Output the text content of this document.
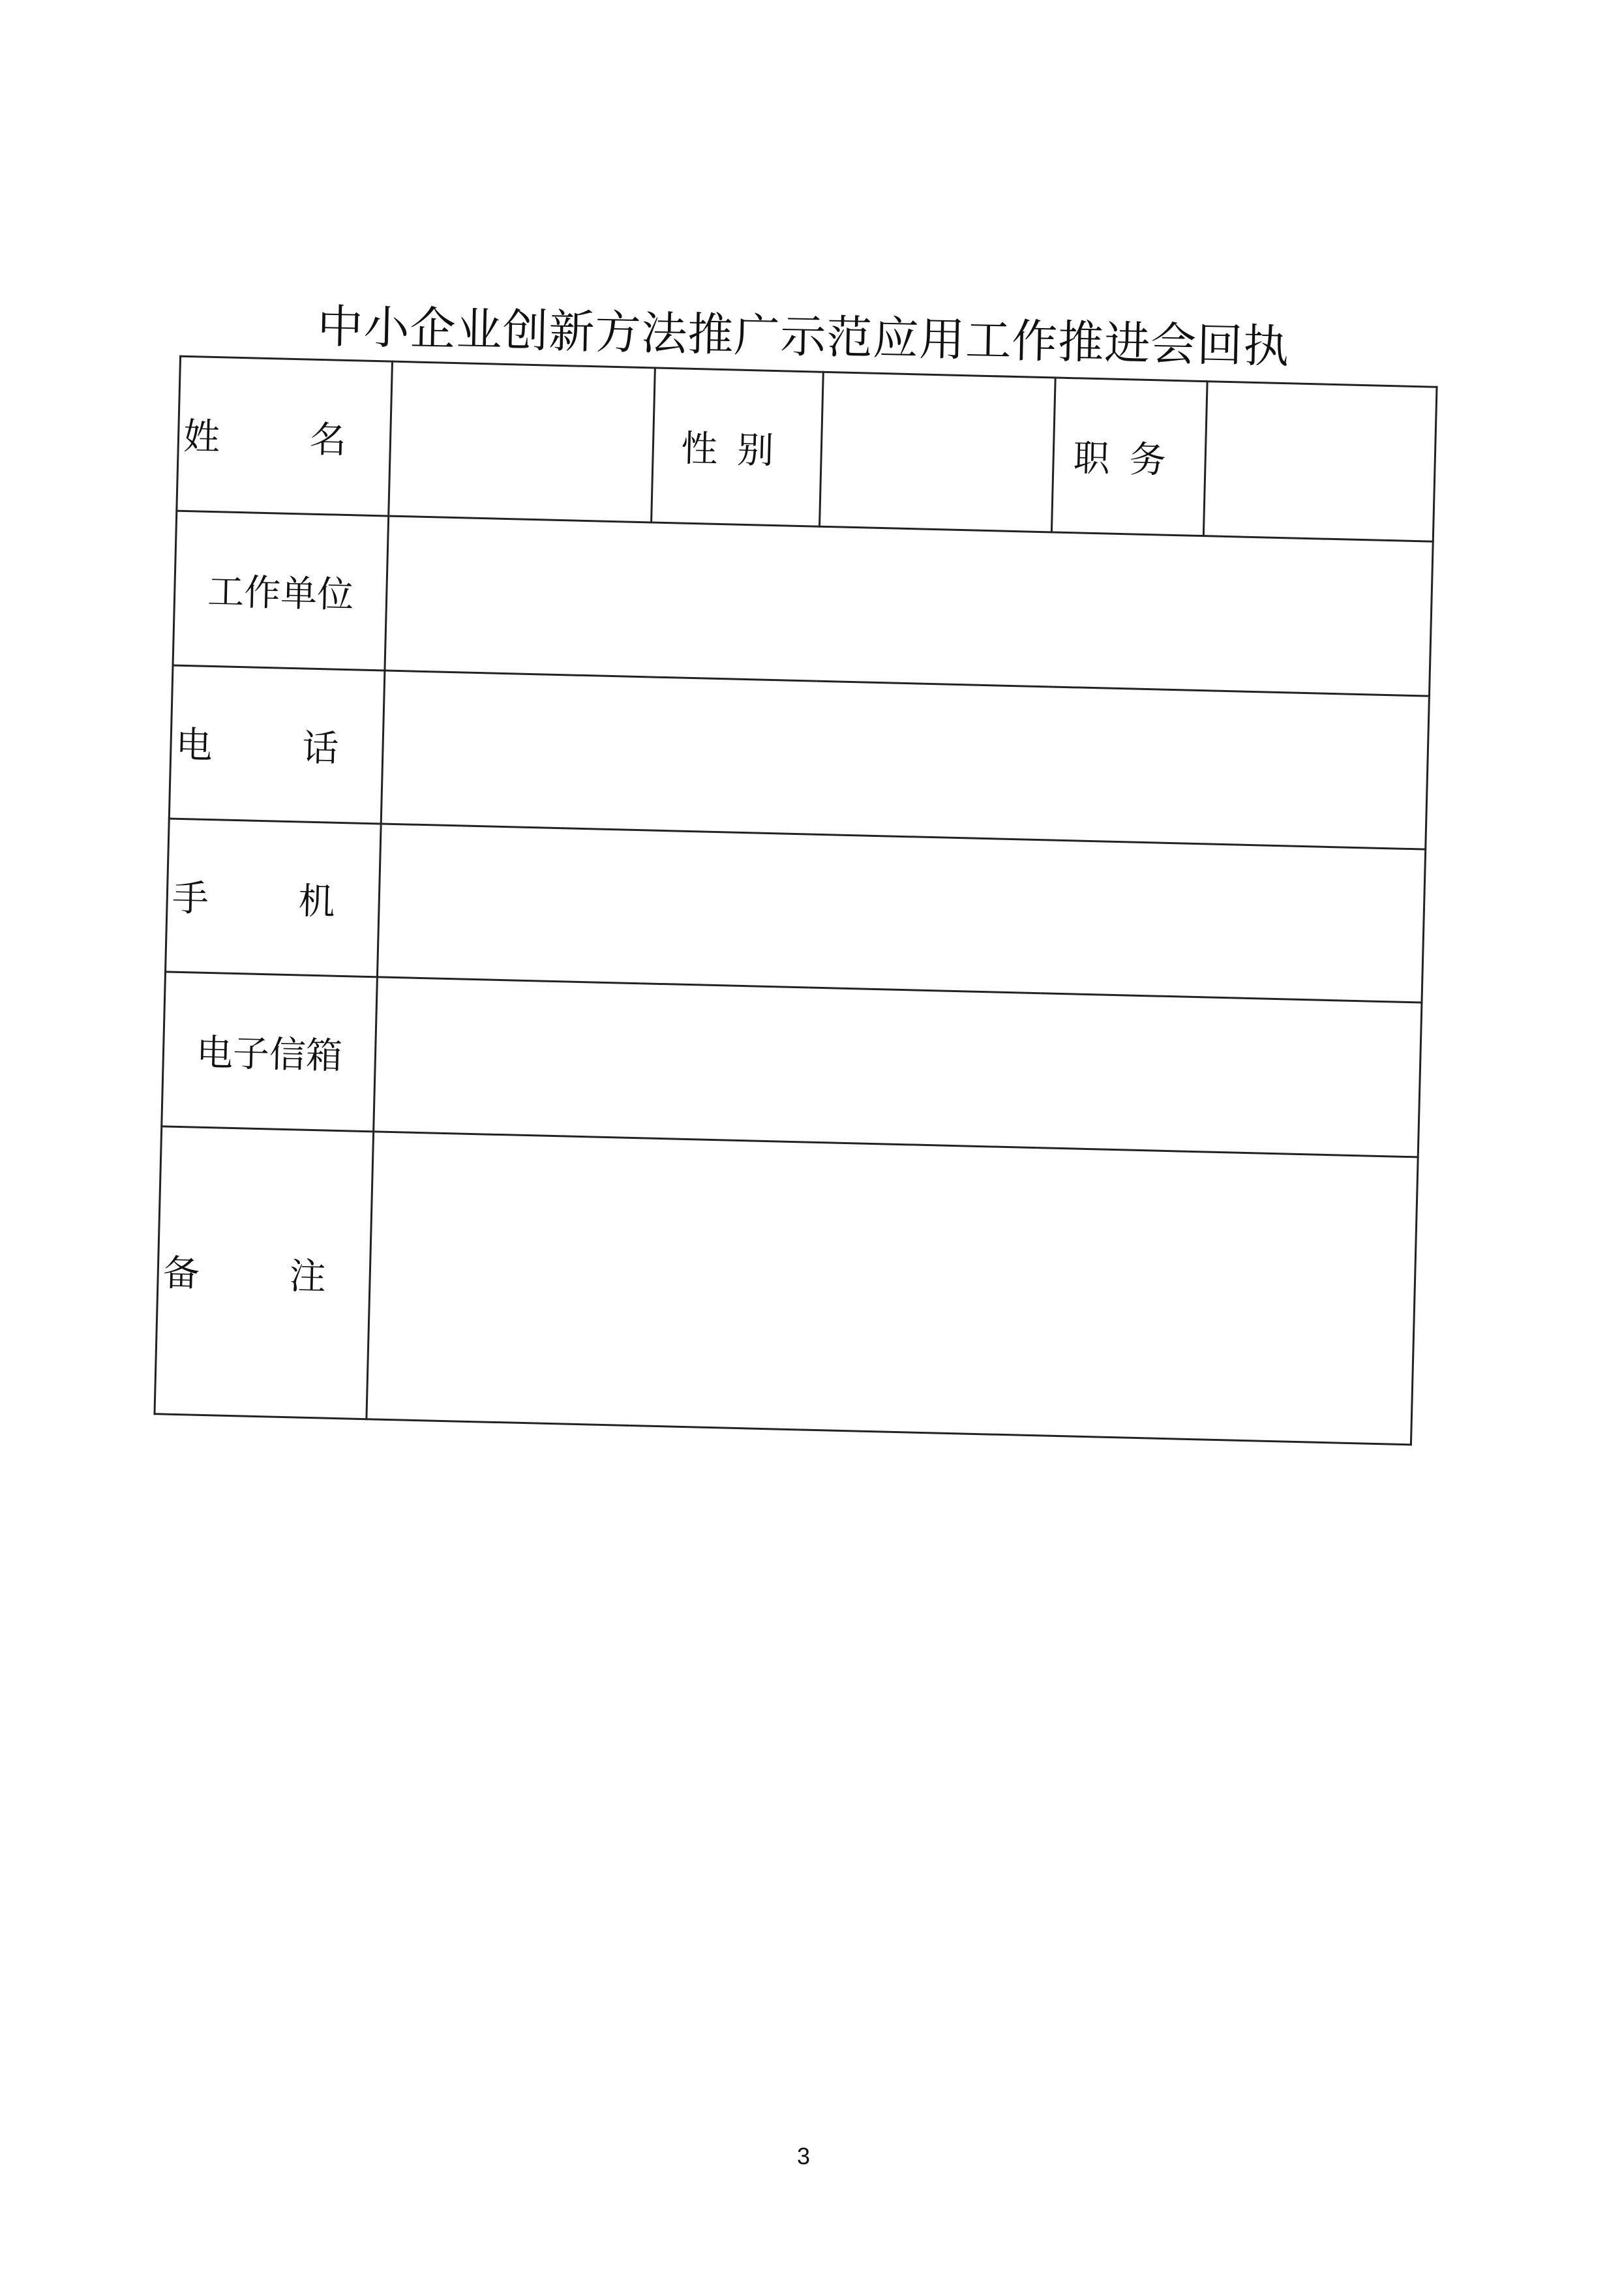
中小企业创新方法推广示范应用工作推进会回执
姓 名		性别		职务	
工作单位					
电 话					
手 机					
电子信箱					
备 注					
3
